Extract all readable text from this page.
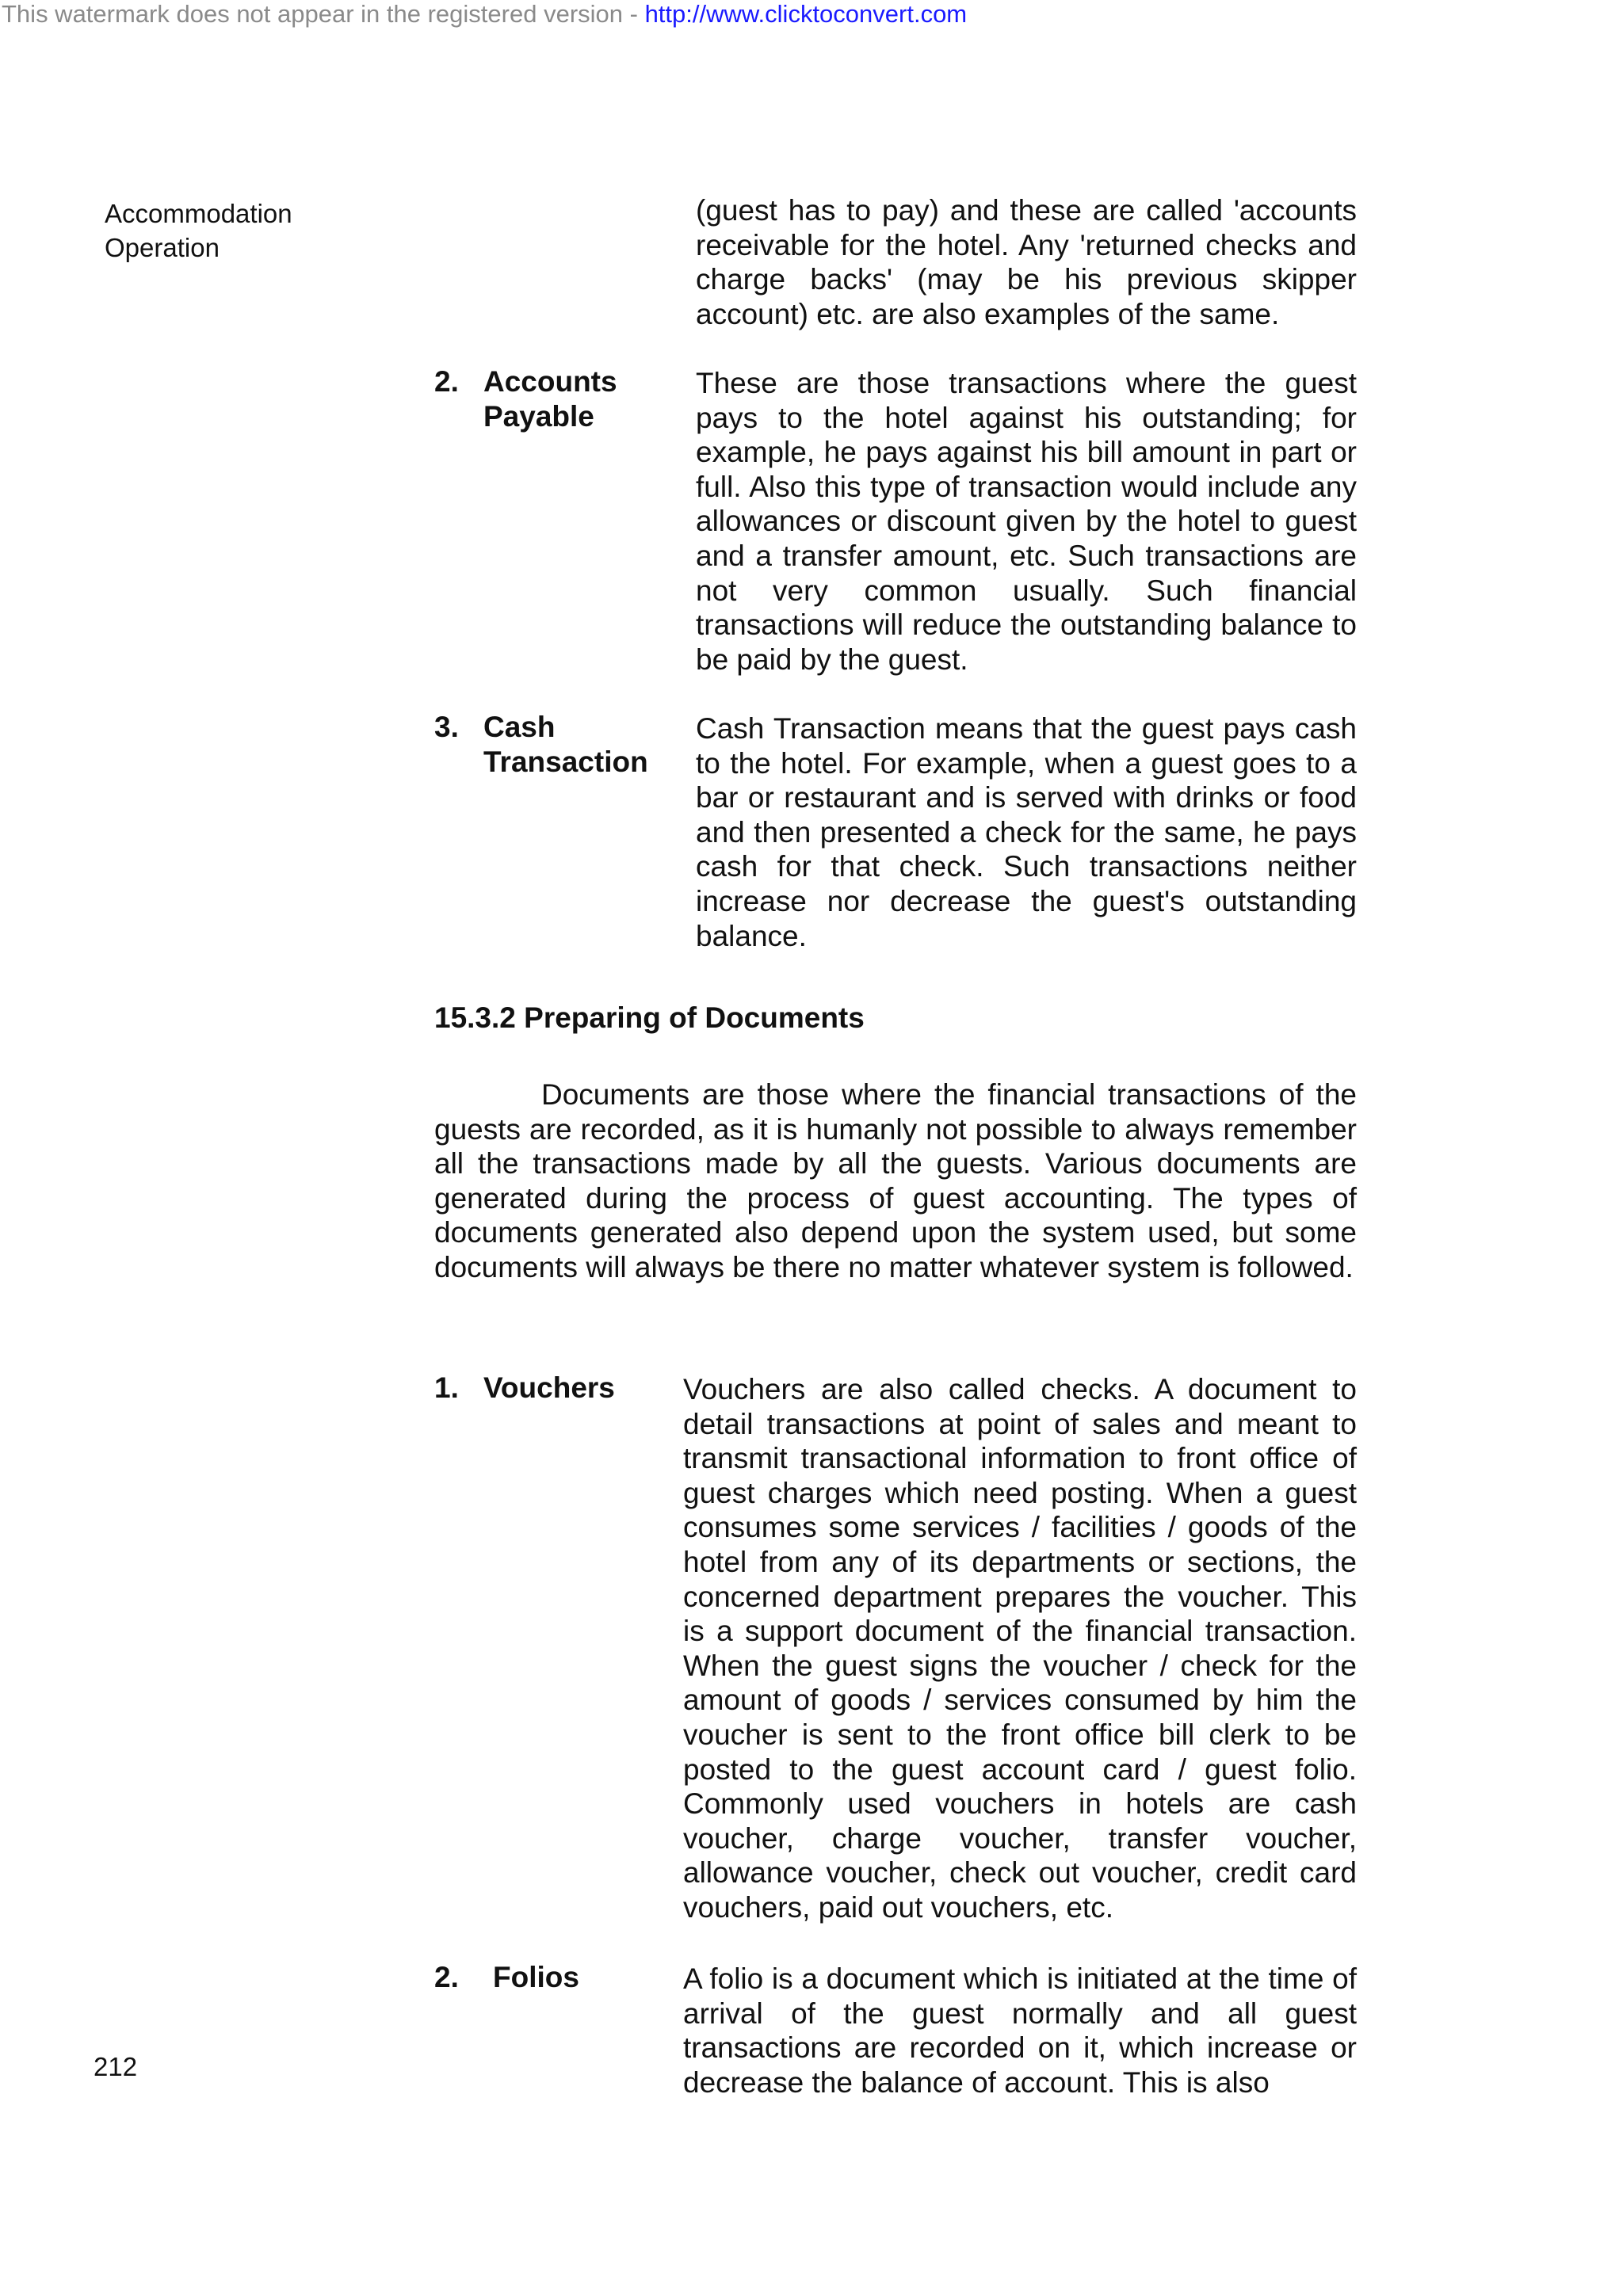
This watermark does not appear in the registered version - http://www.clicktoconvert.com
Accommodation
Operation

(guest has to pay) and these are called 'accounts receivable for the hotel. Any 'returned checks and charge backs' (may be his previous skipper account) etc. are also examples of the same.

2. Accounts
Payable

These are those transactions where the guest pays to the hotel against his outstanding; for example, he pays against his bill amount in part or full. Also this type of transaction would include any allowances or discount given by the hotel to guest and a transfer amount, etc. Such transactions are not very common usually. Such financial transactions will reduce the outstanding balance to be paid by the guest.

3. Cash
Transaction

Cash Transaction means that the guest pays cash to the hotel. For example, when a guest goes to a bar or restaurant and is served with drinks or food and then presented a check for the same, he pays cash for that check. Such transactions neither increase nor decrease the guest's outstanding balance.

15.3.2 Preparing of Documents

Documents are those where the financial transactions of the guests are recorded, as it is humanly not possible to always remember all the transactions made by all the guests. Various documents are generated during the process of guest accounting. The types of documents generated also depend upon the system used, but some documents will always be there no matter whatever system is followed.

1. Vouchers Vouchers are also called checks. A document to detail transactions at point of sales and meant to transmit transactional information to front office of guest charges which need posting. When a guest consumes some services / facilities / goods of the hotel from any of its departments or sections, the concerned department prepares the voucher. This is a support document of the financial transaction. When the guest signs the voucher / check for the amount of goods / services consumed by him the voucher is sent to the front office bill clerk to be posted to the guest account card / guest folio. Commonly used vouchers in hotels are cash voucher, charge voucher, transfer voucher, allowance voucher, check out voucher, credit card vouchers, paid out vouchers, etc.

2. Folios	A folio is a document which is initiated at the time of arrival of the guest normally and all guest transactions are recorded on it, which increase or decrease the balance of account. This is also

212
